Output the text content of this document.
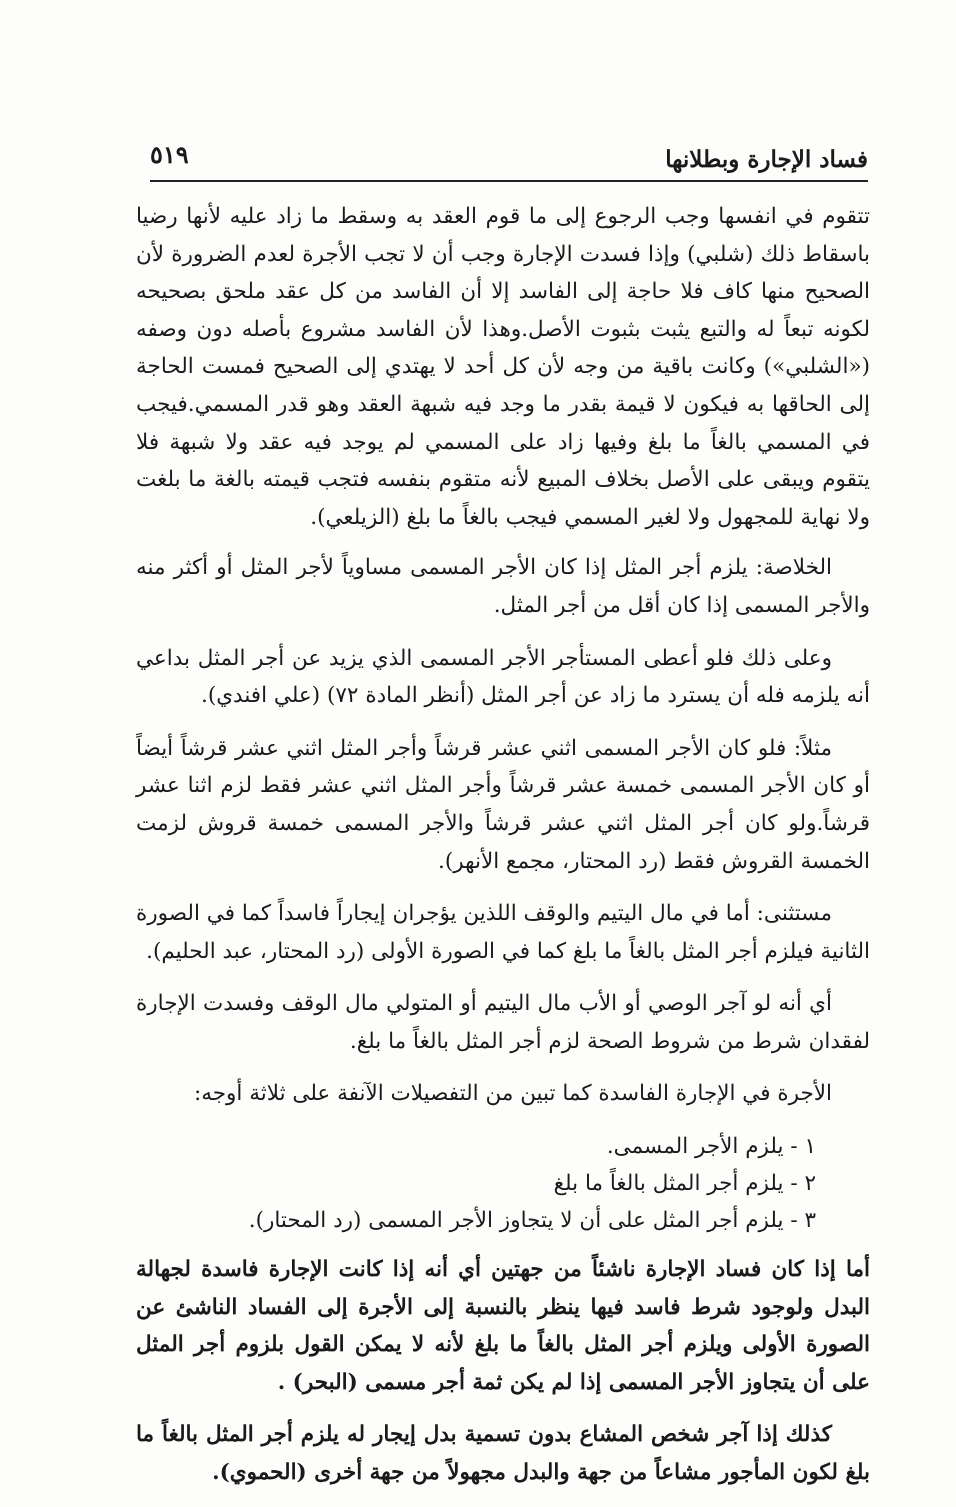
٥١٩	فساد الإجارة وبطلانها

تتقوم في انفسها وجب الرجوع إلى ما قوم العقد به وسقط ما زاد عليه لأنها رضيا باسقاط ذلك (شلبي) وإذا فسدت الإجارة وجب أن لا تجب الأجرة لعدم الضرورة لأن الصحيح منها كاف فلا حاجة إلى الفاسد إلا أن الفاسد من كل عقد ملحق بصحيحه لكونه تبعاً له والتبع يثبت بثبوت الأصل.وهذا لأن الفاسد مشروع بأصله دون وصفه («الشلبي») وكانت باقية من وجه لأن كل أحد لا يهتدي إلى الصحيح فمست الحاجة إلى الحاقها به فيكون لا قيمة بقدر ما وجد فيه شبهة العقد وهو قدر المسمي.فيجب في المسمي بالغاً ما بلغ وفيها زاد على المسمي لم يوجد فيه عقد ولا شبهة فلا يتقوم ويبقى على الأصل بخلاف المبيع لأنه متقوم بنفسه فتجب قيمته بالغة ما بلغت ولا نهاية للمجهول ولا لغير المسمي فيجب بالغاً ما بلغ (الزيلعي).

الخلاصة: يلزم أجر المثل إذا كان الأجر المسمى مساوياً لأجر المثل أو أكثر منه والأجر المسمى إذا كان أقل من أجر المثل.

وعلى ذلك فلو أعطى المستأجر الأجر المسمى الذي يزيد عن أجر المثل بداعي أنه يلزمه فله أن يسترد ما زاد عن أجر المثل (أنظر المادة ٧٢) (علي افندي).

مثلاً: فلو كان الأجر المسمى اثني عشر قرشاً وأجر المثل اثني عشر قرشاً أيضاً أو كان الأجر المسمى خمسة عشر قرشاً وأجر المثل اثني عشر فقط لزم اثنا عشر قرشاً.ولو كان أجر المثل اثني عشر قرشاً والأجر المسمى خمسة قروش لزمت الخمسة القروش فقط (رد المحتار، مجمع الأنهر).

مستثنى: أما في مال اليتيم والوقف اللذين يؤجران إيجاراً فاسداً كما في الصورة الثانية فيلزم أجر المثل بالغاً ما بلغ كما في الصورة الأولى (رد المحتار، عبد الحليم).

أي أنه لو آجر الوصي أو الأب مال اليتيم أو المتولي مال الوقف وفسدت الإجارة لفقدان شرط من شروط الصحة لزم أجر المثل بالغاً ما بلغ.

الأجرة في الإجارة الفاسدة كما تبين من التفصيلات الآنفة على ثلاثة أوجه:

١ - يلزم الأجر المسمى.
٢ - يلزم أجر المثل بالغاً ما بلغ
٣ - يلزم أجر المثل على أن لا يتجاوز الأجر المسمى (رد المحتار).

أما إذا كان فساد الإجارة ناشئاً من جهتين أي أنه إذا كانت الإجارة فاسدة لجهالة البدل ولوجود شرط فاسد فيها ينظر بالنسبة إلى الأجرة إلى الفساد الناشئ عن الصورة الأولى ويلزم أجر المثل بالغاً ما بلغ لأنه لا يمكن القول بلزوم أجر المثل على أن يتجاوز الأجر المسمى إذا لم يكن ثمة أجر مسمى (البحر) .

كذلك إذا آجر شخص المشاع بدون تسمية بدل إيجار له يلزم أجر المثل بالغاً ما بلغ لكون المأجور مشاعاً من جهة والبدل مجهولاً من جهة أخرى (الحموي).
